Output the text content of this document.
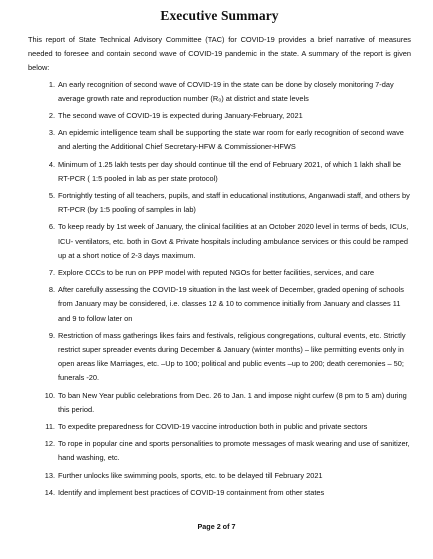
Executive Summary

This report of State Technical Advisory Committee (TAC) for COVID-19 provides a brief narrative of measures needed to foresee and contain second wave of COVID-19 pandemic in the state. A summary of the report is given below:

1. An early recognition of second wave of COVID-19 in the state can be done by closely monitoring 7-day average growth rate and reproduction number (R₀) at district and state levels
2. The second wave of COVID-19 is expected during January-February, 2021
3. An epidemic intelligence team shall be supporting the state war room for early recognition of second wave and alerting the Additional Chief Secretary-HFW & Commissioner-HFWS
4. Minimum of 1.25 lakh tests per day should continue till the end of February 2021, of which 1 lakh shall be RT-PCR ( 1:5 pooled in lab as per state protocol)
5. Fortnightly testing of all teachers, pupils, and staff in educational institutions, Anganwadi staff, and others by RT-PCR (by 1:5 pooling of samples in lab)
6. To keep ready by 1st week of January, the clinical facilities at an October 2020 level in terms of beds, ICUs, ICU- ventilators, etc. both in Govt & Private hospitals including ambulance services or this could be ramped up at a short notice of 2-3 days maximum.
7. Explore CCCs to be run on PPP model with reputed NGOs for better facilities, services, and care
8. After carefully assessing the COVID-19 situation in the last week of December, graded opening of schools from January may be considered, i.e. classes 12 & 10 to commence initially from January and classes 11 and 9 to follow later on
9. Restriction of mass gatherings likes fairs and festivals, religious congregations, cultural events, etc. Strictly restrict super spreader events during December & January (winter months) – like permitting events only in open areas like Marriages, etc. –Up to 100; political and public events –up to 200; death ceremonies – 50; funerals -20.
10. To ban New Year public celebrations from Dec. 26 to Jan. 1 and impose night curfew (8 pm to 5 am) during this period.
11. To expedite preparedness for COVID-19 vaccine introduction both in public and private sectors
12. To rope in popular cine and sports personalities to promote messages of mask wearing and use of sanitizer, hand washing, etc.
13. Further unlocks like swimming pools, sports, etc. to be delayed till February 2021
14. Identify and implement best practices of COVID-19 containment from other states
Page 2 of 7
